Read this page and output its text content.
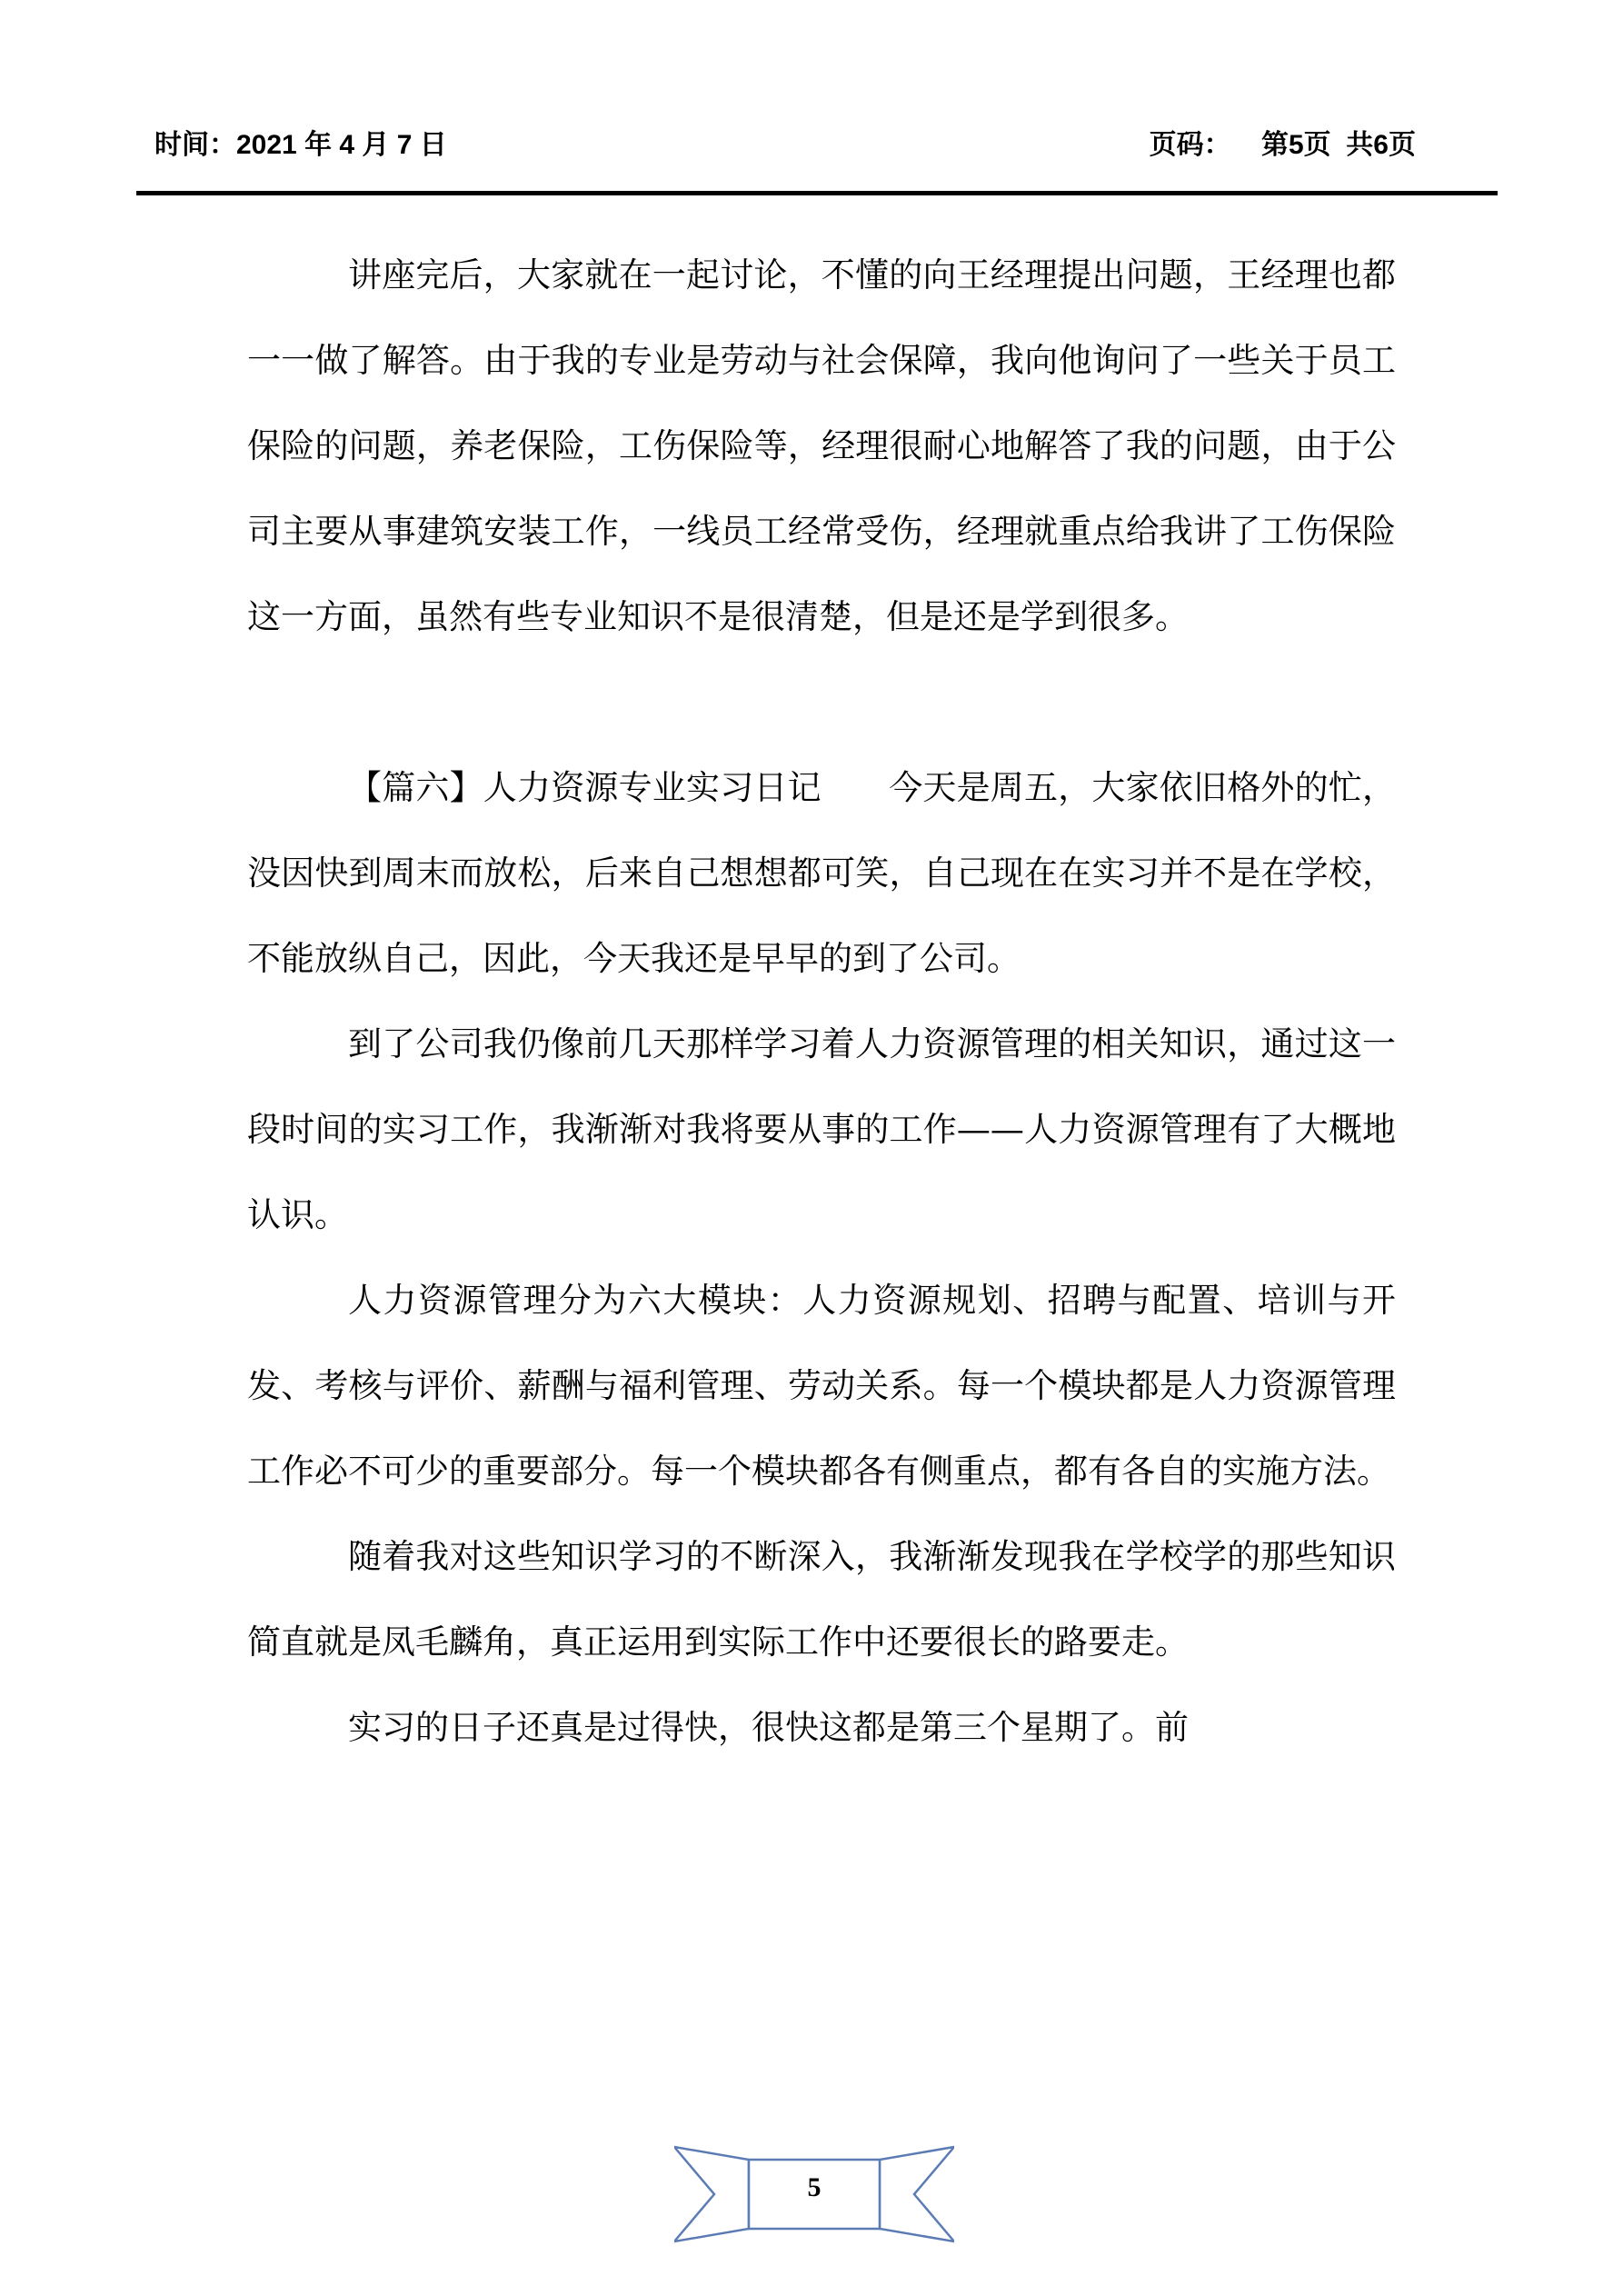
时间：2021 年 4 月 7 日	页码：    第5页  共6页

讲座完后，大家就在一起讨论，不懂的向王经理提出问题，王经理也都一一做了解答。由于我的专业是劳动与社会保障，我向他询问了一些关于员工保险的问题，养老保险，工伤保险等，经理很耐心地解答了我的问题，由于公司主要从事建筑安装工作，一线员工经常受伤，经理就重点给我讲了工伤保险这一方面，虽然有些专业知识不是很清楚，但是还是学到很多。

【篇六】人力资源专业实习日记　　今天是周五，大家依旧格外的忙，没因快到周末而放松，后来自己想想都可笑，自己现在在实习并不是在学校，不能放纵自己，因此，今天我还是早早的到了公司。

到了公司我仍像前几天那样学习着人力资源管理的相关知识，通过这一段时间的实习工作，我渐渐对我将要从事的工作——人力资源管理有了大概地认识。

人力资源管理分为六大模块：人力资源规划、招聘与配置、培训与开发、考核与评价、薪酬与福利管理、劳动关系。每一个模块都是人力资源管理工作必不可少的重要部分。每一个模块都各有侧重点，都有各自的实施方法。

随着我对这些知识学习的不断深入，我渐渐发现我在学校学的那些知识简直就是凤毛麟角，真正运用到实际工作中还要很长的路要走。

实习的日子还真是过得快，很快这都是第三个星期了。前

5
